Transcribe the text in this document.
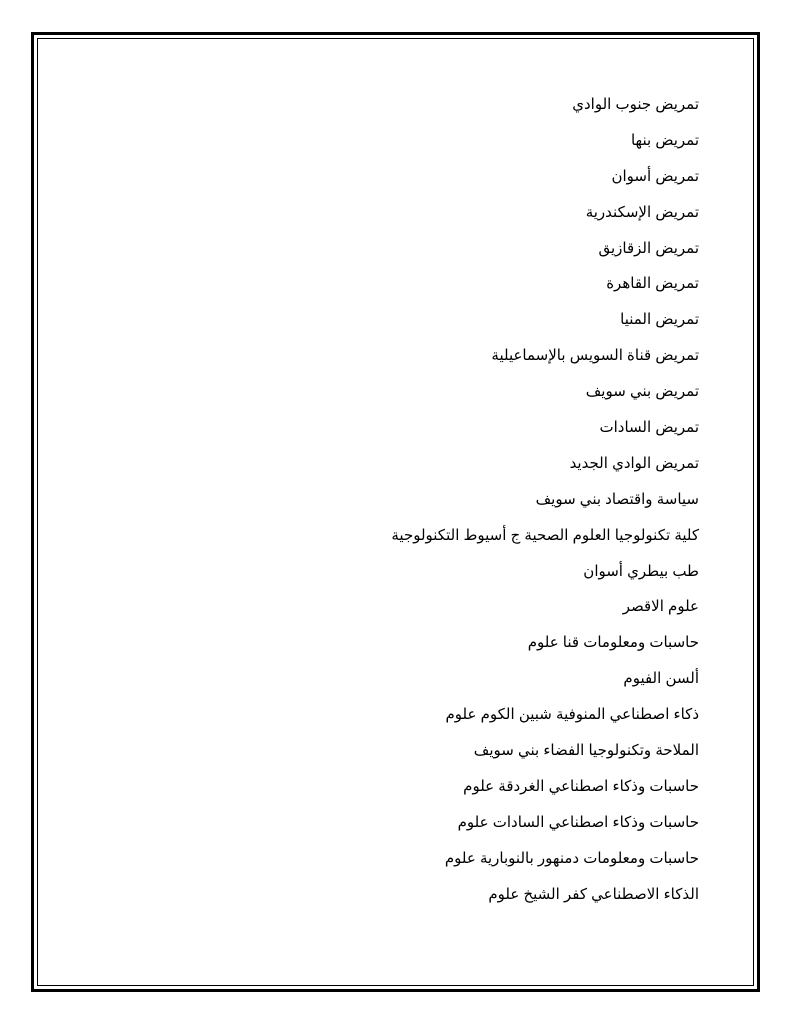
تمريض جنوب الوادي
تمريض بنها
تمريض أسوان
تمريض الإسكندرية
تمريض الزقازيق
تمريض القاهرة
تمريض المنيا
تمريض قناة السويس بالإسماعيلية
تمريض بني سويف
تمريض السادات
تمريض الوادي الجديد
سياسة واقتصاد بني سويف
كلية تكنولوجيا العلوم الصحية ج أسيوط التكنولوجية
طب بيطري أسوان
علوم الاقصر
حاسبات ومعلومات قنا علوم
ألسن الفيوم
ذكاء اصطناعي المنوفية شبين الكوم علوم
الملاحة وتكنولوجيا الفضاء بني سويف
حاسبات وذكاء اصطناعي الغردقة علوم
حاسبات وذكاء اصطناعي السادات علوم
حاسبات ومعلومات دمنهور بالنوبارية علوم
الذكاء الاصطناعي كفر الشيخ علوم
